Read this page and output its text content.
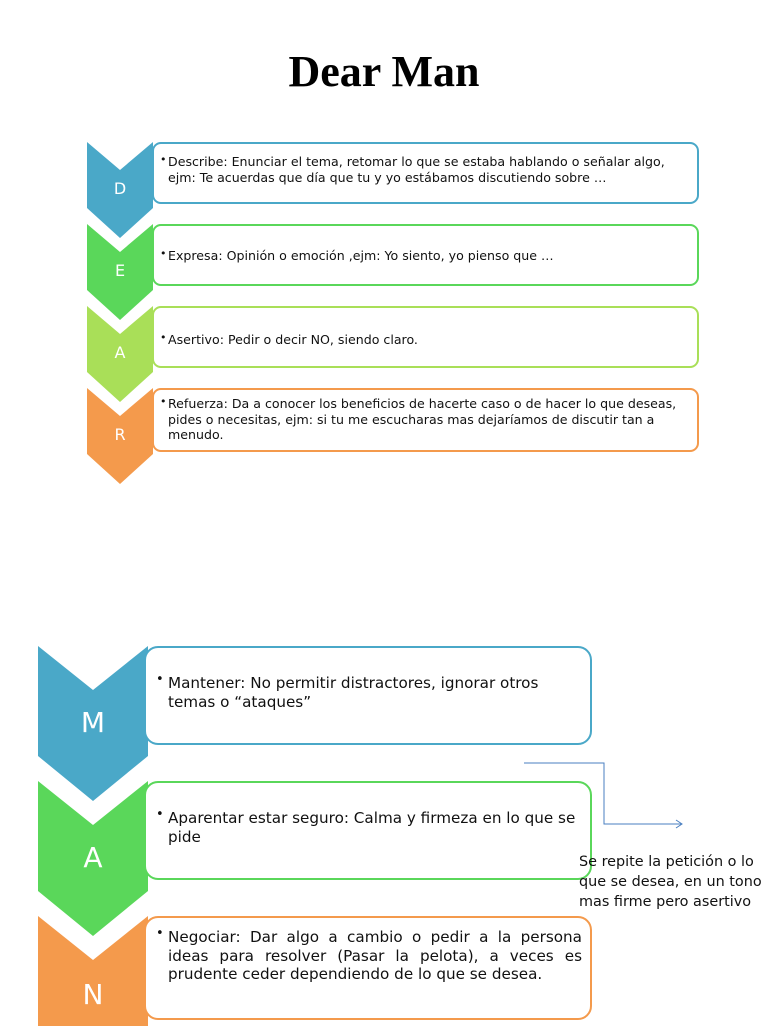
Dear Man
D
• Describe: Enunciar el tema, retomar lo que se estaba hablando o señalar algo, ejm: Te acuerdas que día que tu y yo estábamos discutiendo sobre …
E
• Expresa: Opinión o emoción ,ejm: Yo siento, yo pienso que …
A
• Asertivo: Pedir o decir NO, siendo claro.
R
• Refuerza: Da a conocer los beneficios de hacerte caso o de hacer lo que deseas, pides o necesitas, ejm: si tu me escucharas mas dejaríamos de discutir tan a menudo.
M
• Mantener: No permitir distractores, ignorar otros temas o “ataques”
A
• Aparentar estar seguro: Calma y firmeza en lo que se pide
N
• Negociar: Dar algo a cambio o pedir a la persona ideas para resolver (Pasar la pelota), a veces es prudente ceder dependiendo de lo que se desea.
Se repite la petición o lo que se desea, en un tono mas firme pero asertivo
